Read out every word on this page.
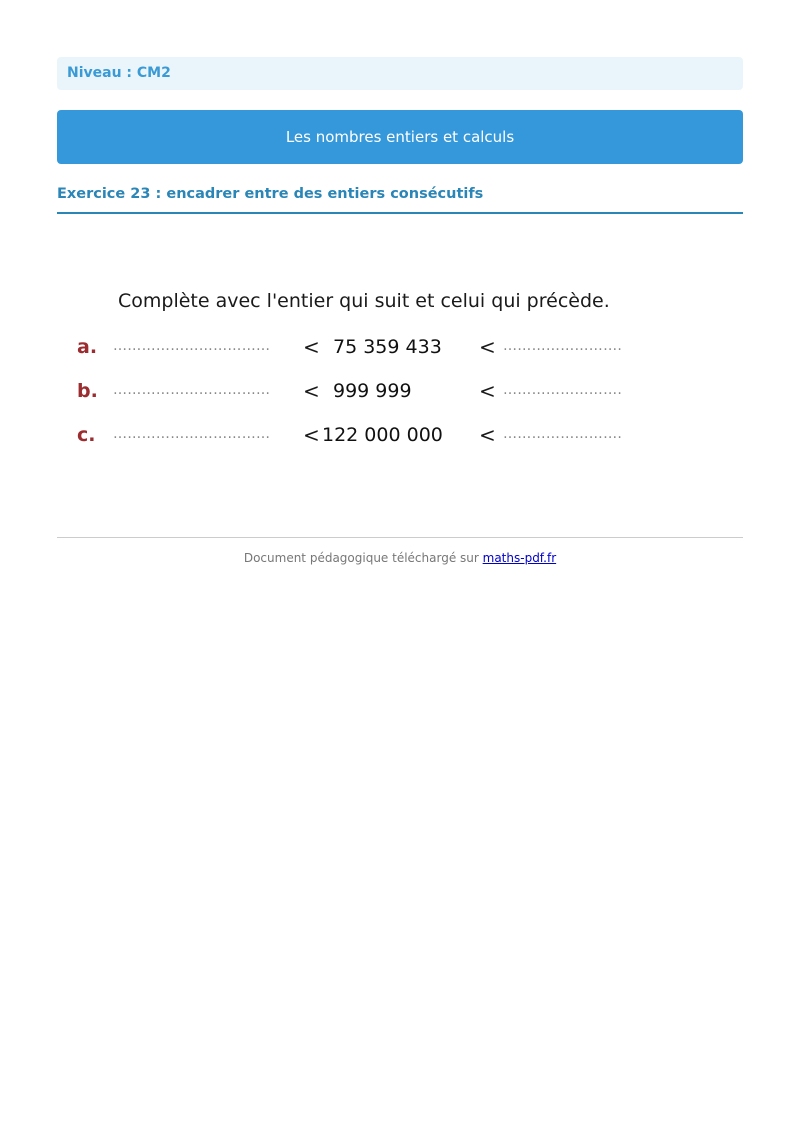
Niveau : CM2
Les nombres entiers et calculs
Exercice 23 : encadrer entre des entiers consécutifs
Complète avec l'entier qui suit et celui qui précède.
a. …………………………… < 75 359 433 < …………………….
b. …………………………… < 999 999	< …………………….
c. …………………………… < 122 000 000 < …………………….
Document pédagogique téléchargé sur maths-pdf.fr
